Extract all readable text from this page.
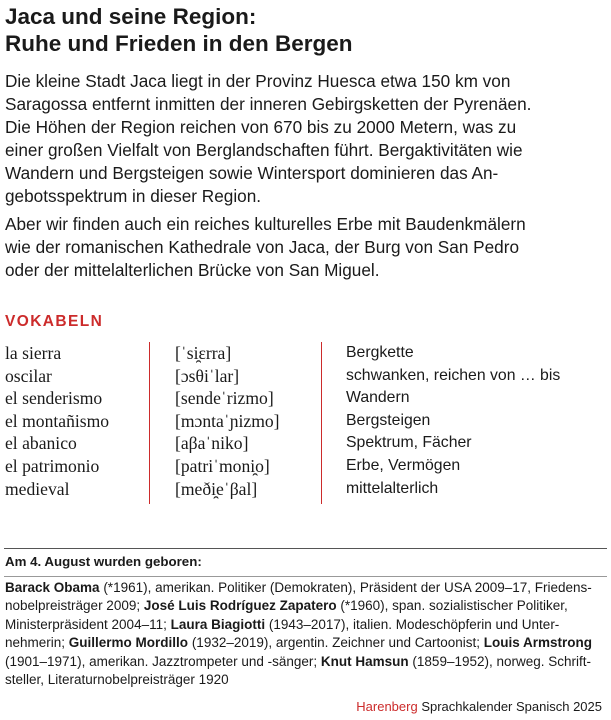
Jaca und seine Region:
Ruhe und Frieden in den Bergen

Die kleine Stadt Jaca liegt in der Provinz Huesca etwa 150 km von
Saragossa entfernt inmitten der inneren Gebirgsketten der Pyrenäen.
Die Höhen der Region reichen von 670 bis zu 2000 Metern, was zu
einer großen Vielfalt von Berglandschaften führt. Bergaktivitäten wie
Wandern und Bergsteigen sowie Wintersport dominieren das An-
gebotsspektrum in dieser Region.

Aber wir finden auch ein reiches kulturelles Erbe mit Baudenkmälern
wie der romanischen Kathedrale von Jaca, der Burg von San Pedro
oder der mittelalterlichen Brücke von San Miguel.

VOKABELN
la sierra
oscilar
el senderismo
el montañismo
el abanico
el patrimonio
medieval
[ˈsi̯ɛrra]
[ɔsθiˈlar]
[sendeˈrizmo]
[mɔntaˈɲizmo]
[aβaˈniko]
[patriˈmoni̯o]
[meði̯eˈβal]
Bergkette
schwanken, reichen von … bis
Wandern
Bergsteigen
Spektrum, Fächer
Erbe, Vermögen
mittelalterlich
Am 4. August wurden geboren:
Barack Obama (*1961), amerikan. Politiker (Demokraten), Präsident der USA 2009–17, Friedens-
nobelpreisträger 2009; José Luis Rodríguez Zapatero (*1960), span. sozialistischer Politiker,
Ministerpräsident 2004–11; Laura Biagiotti (1943–2017), italien. Modeschöpferin und Unter-
nehmerin; Guillermo Mordillo (1932–2019), argentin. Zeichner und Cartoonist; Louis Armstrong
(1901–1971), amerikan. Jazztrompeter und -sänger; Knut Hamsun (1859–1952), norweg. Schrift-
steller, Literaturnobelpreisträger 1920
Harenberg Sprachkalender Spanisch 2025
